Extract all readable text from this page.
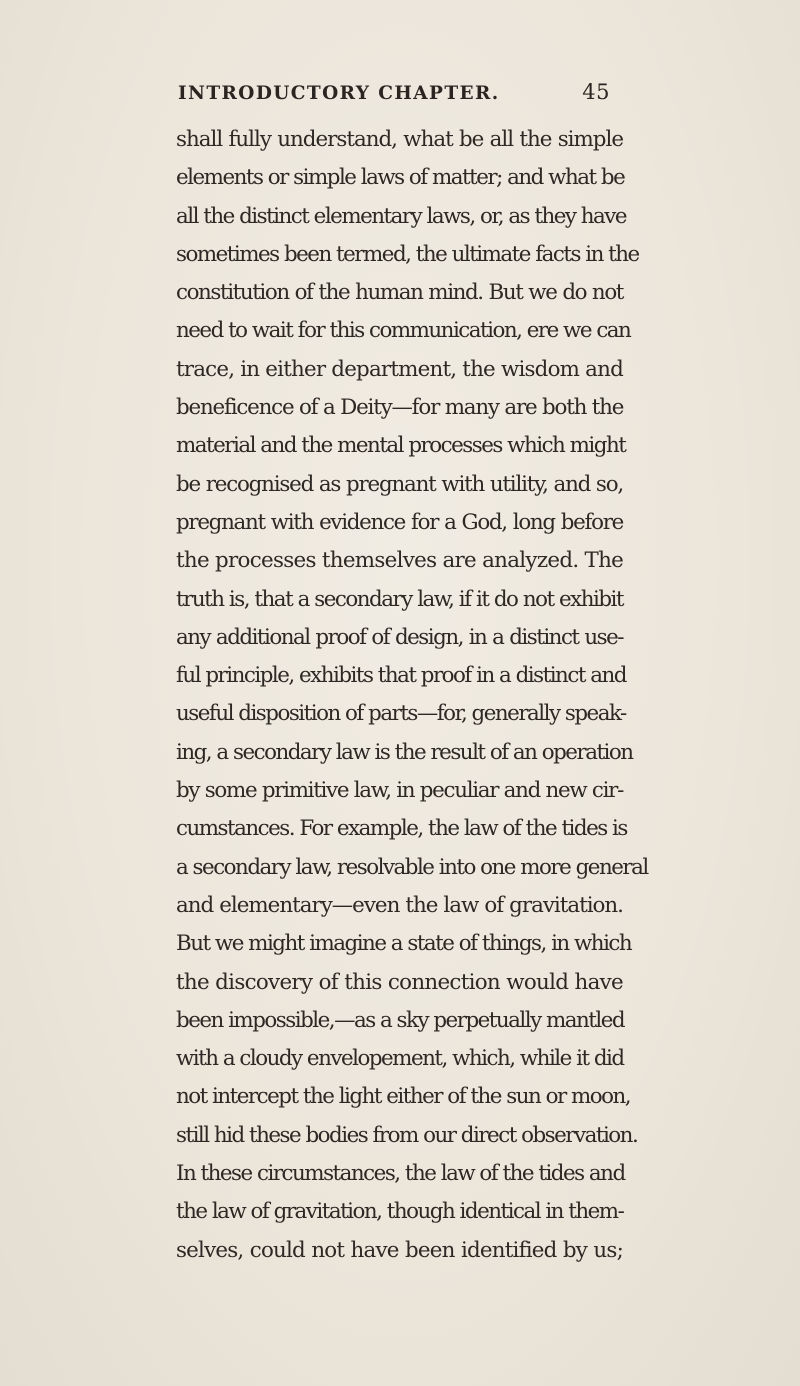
INTRODUCTORY CHAPTER.	45
shall fully understand, what be all the simple
elements or simple laws of matter; and what be
all the distinct elementary laws, or, as they have
sometimes been termed, the ultimate facts in the
constitution of the human mind. But we do not
need to wait for this communication, ere we can
trace, in either department, the wisdom and
beneficence of a Deity—for many are both the
material and the mental processes which might
be recognised as pregnant with utility, and so,
pregnant with evidence for a God, long before
the processes themselves are analyzed. The
truth is, that a secondary law, if it do not exhibit
any additional proof of design, in a distinct use-
ful principle, exhibits that proof in a distinct and
useful disposition of parts—for, generally speak-
ing, a secondary law is the result of an operation
by some primitive law, in peculiar and new cir-
cumstances. For example, the law of the tides is
a secondary law, resolvable into one more general
and elementary—even the law of gravitation.
But we might imagine a state of things, in which
the discovery of this connection would have
been impossible,—as a sky perpetually mantled
with a cloudy envelopement, which, while it did
not intercept the light either of the sun or moon,
still hid these bodies from our direct observation.
In these circumstances, the law of the tides and
the law of gravitation, though identical in them-
selves, could not have been identified by us;
